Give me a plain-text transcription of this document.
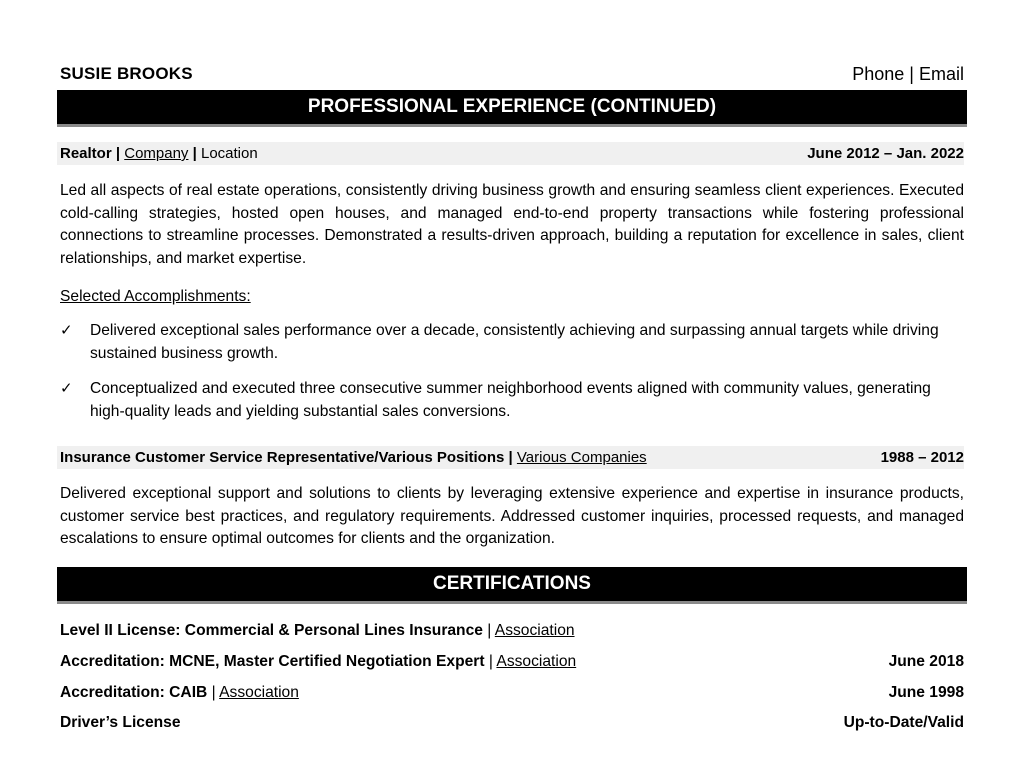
SUSIE BROOKS	Phone | Email
PROFESSIONAL EXPERIENCE (CONTINUED)
Realtor | Company | Location	June 2012 – Jan. 2022
Led all aspects of real estate operations, consistently driving business growth and ensuring seamless client experiences. Executed cold-calling strategies, hosted open houses, and managed end-to-end property transactions while fostering professional connections to streamline processes. Demonstrated a results-driven approach, building a reputation for excellence in sales, client relationships, and market expertise.
Selected Accomplishments:
✓	Delivered exceptional sales performance over a decade, consistently achieving and surpassing annual targets while driving sustained business growth.
✓	Conceptualized and executed three consecutive summer neighborhood events aligned with community values, generating high-quality leads and yielding substantial sales conversions.
Insurance Customer Service Representative/Various Positions | Various Companies	1988 – 2012
Delivered exceptional support and solutions to clients by leveraging extensive experience and expertise in insurance products, customer service best practices, and regulatory requirements. Addressed customer inquiries, processed requests, and managed escalations to ensure optimal outcomes for clients and the organization.
CERTIFICATIONS
Level II License: Commercial & Personal Lines Insurance | Association
Accreditation: MCNE, Master Certified Negotiation Expert | Association	June 2018
Accreditation: CAIB | Association	June 1998
Driver’s License	Up-to-Date/Valid
